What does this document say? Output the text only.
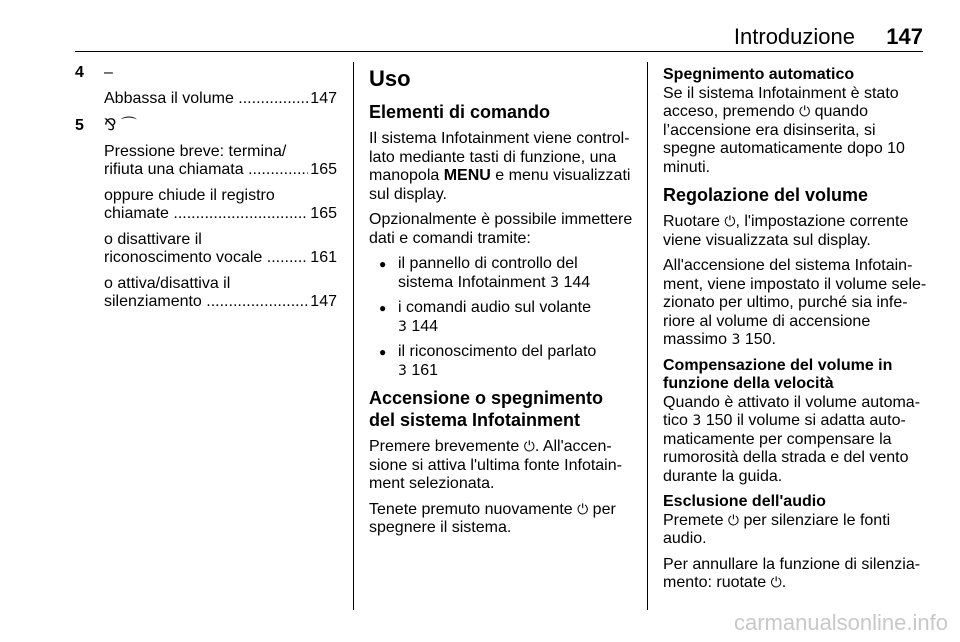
Introduzione 147
4 –

Abbassa il volume .....	147
5 ⅋ ⌒

Pressione breve: termina/

rifiuta una chiamata .....	165

oppure chiude il registro

chiamate .....	165

o disattivare il

riconoscimento vocale .....	161

o attiva/disattiva il

silenziamento .....	147

Uso
Elementi di comando

Il sistema Infotainment viene control-lato mediante tasti di funzione, una manopola MENU e menu visualizzati sul display.

Opzionalmente è possibile immettere dati e comandi tramite:

● il pannello di controllo del sistema Infotainment 3 144
● i comandi audio sul volante
3 144
● il riconoscimento del parlato
3 161
Accensione o spegnimento del sistema Infotainment

Premere brevemente ⏻. All'accen-sione si attiva l'ultima fonte Infotain-ment selezionata.

Tenete premuto nuovamente ⏻ per spegnere il sistema.

Spegnimento automatico

Se il sistema Infotainment è stato acceso, premendo ⏻ quando l’accensione era disinserita, si spegne automaticamente dopo 10 minuti.

Regolazione del volume

Ruotare ⏻, l'impostazione corrente viene visualizzata sul display.

All'accensione del sistema Infotain-ment, viene impostato il volume sele-zionato per ultimo, purché sia infe-riore al volume di accensione massimo 3 150.

Compensazione del volume in funzione della velocità

Quando è attivato il volume automa-tico 3 150 il volume si adatta auto-maticamente per compensare la rumorosità della strada e del vento durante la guida.

Esclusione dell'audio

Premete ⏻ per silenziare le fonti audio.

Per annullare la funzione di silenzia-mento: ruotate ⏻.

carmanualsonline.info
